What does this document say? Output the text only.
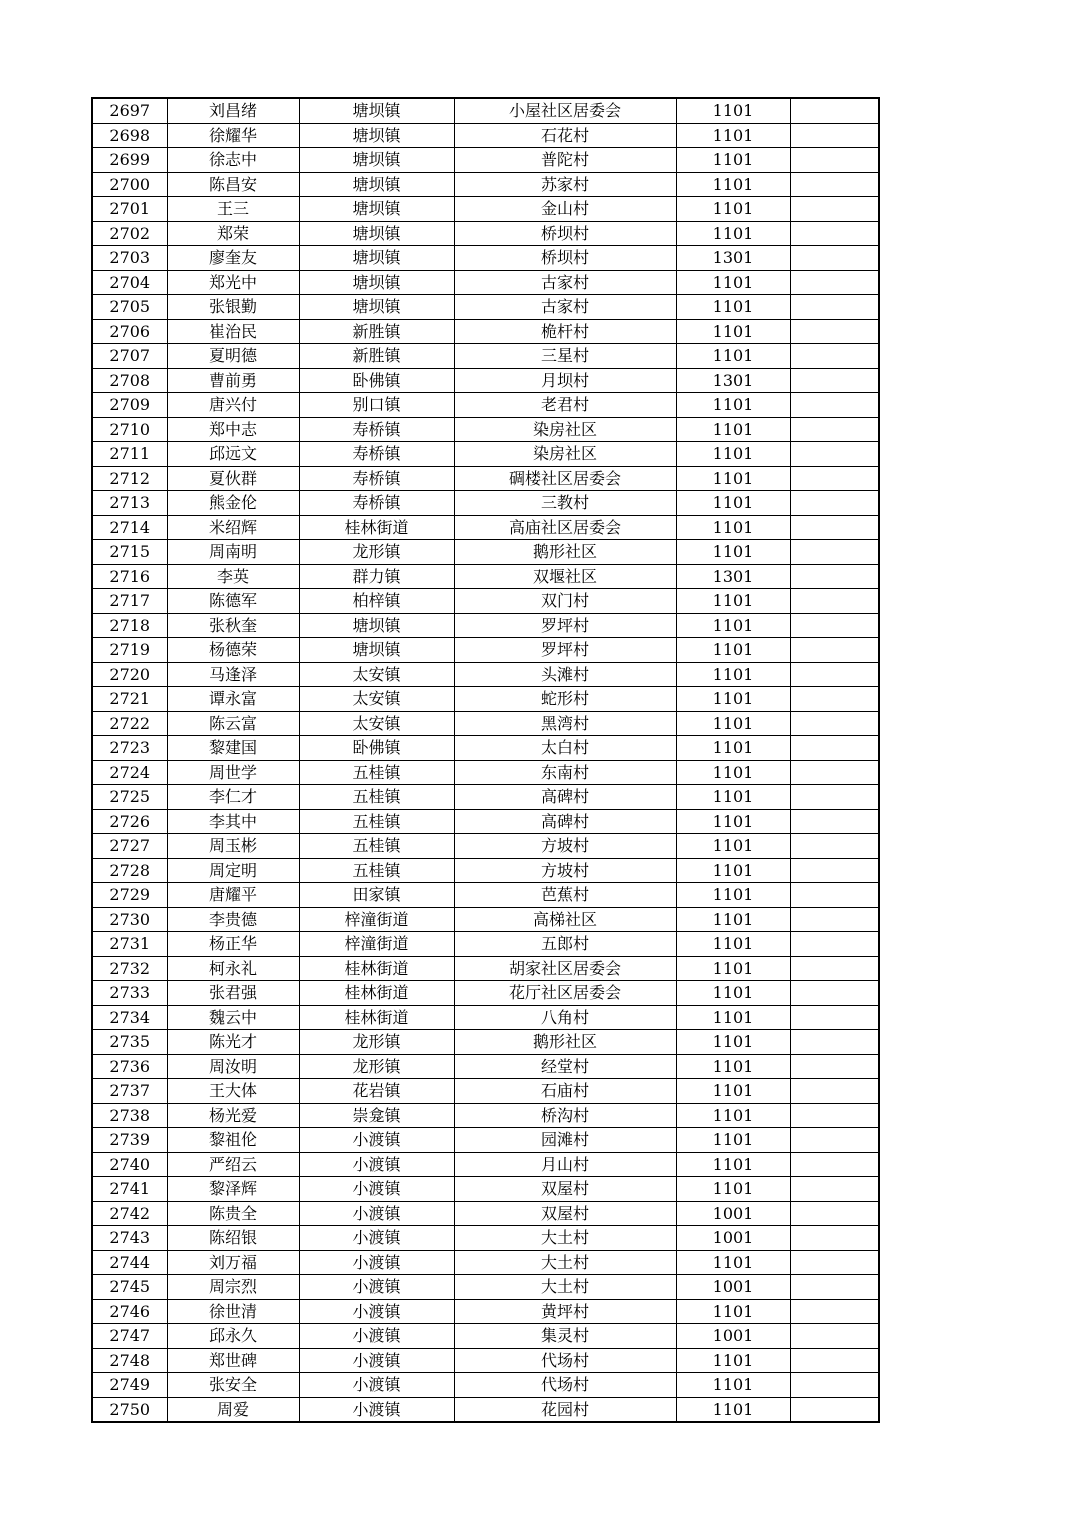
2697	刘昌绪	塘坝镇	小屋社区居委会	1101	
2698	徐耀华	塘坝镇	石花村	1101	
2699	徐志中	塘坝镇	普陀村	1101	
2700	陈昌安	塘坝镇	苏家村	1101	
2701	王三	塘坝镇	金山村	1101	
2702	郑荣	塘坝镇	桥坝村	1101	
2703	廖奎友	塘坝镇	桥坝村	1301	
2704	郑光中	塘坝镇	古家村	1101	
2705	张银勤	塘坝镇	古家村	1101	
2706	崔治民	新胜镇	桅杆村	1101	
2707	夏明德	新胜镇	三星村	1101	
2708	曹前勇	卧佛镇	月坝村	1301	
2709	唐兴付	别口镇	老君村	1101	
2710	郑中志	寿桥镇	染房社区	1101	
2711	邱远文	寿桥镇	染房社区	1101	
2712	夏伙群	寿桥镇	碉楼社区居委会	1101	
2713	熊金伦	寿桥镇	三教村	1101	
2714	米绍辉	桂林街道	高庙社区居委会	1101	
2715	周南明	龙形镇	鹅形社区	1101	
2716	李英	群力镇	双堰社区	1301	
2717	陈德军	柏梓镇	双门村	1101	
2718	张秋奎	塘坝镇	罗坪村	1101	
2719	杨德荣	塘坝镇	罗坪村	1101	
2720	马逢泽	太安镇	头滩村	1101	
2721	谭永富	太安镇	蛇形村	1101	
2722	陈云富	太安镇	黑湾村	1101	
2723	黎建国	卧佛镇	太白村	1101	
2724	周世学	五桂镇	东南村	1101	
2725	李仁才	五桂镇	高碑村	1101	
2726	李其中	五桂镇	高碑村	1101	
2727	周玉彬	五桂镇	方坡村	1101	
2728	周定明	五桂镇	方坡村	1101	
2729	唐耀平	田家镇	芭蕉村	1101	
2730	李贵德	梓潼街道	高梯社区	1101	
2731	杨正华	梓潼街道	五郎村	1101	
2732	柯永礼	桂林街道	胡家社区居委会	1101	
2733	张君强	桂林街道	花厅社区居委会	1101	
2734	魏云中	桂林街道	八角村	1101	
2735	陈光才	龙形镇	鹅形社区	1101	
2736	周汝明	龙形镇	经堂村	1101	
2737	王大体	花岩镇	石庙村	1101	
2738	杨光爱	崇龛镇	桥沟村	1101	
2739	黎祖伦	小渡镇	园滩村	1101	
2740	严绍云	小渡镇	月山村	1101	
2741	黎泽辉	小渡镇	双屋村	1101	
2742	陈贵全	小渡镇	双屋村	1001	
2743	陈绍银	小渡镇	大土村	1001	
2744	刘万福	小渡镇	大土村	1101	
2745	周宗烈	小渡镇	大土村	1001	
2746	徐世清	小渡镇	黄坪村	1101	
2747	邱永久	小渡镇	集灵村	1001	
2748	郑世碑	小渡镇	代场村	1101	
2749	张安全	小渡镇	代场村	1101	
2750	周爱	小渡镇	花园村	1101	
